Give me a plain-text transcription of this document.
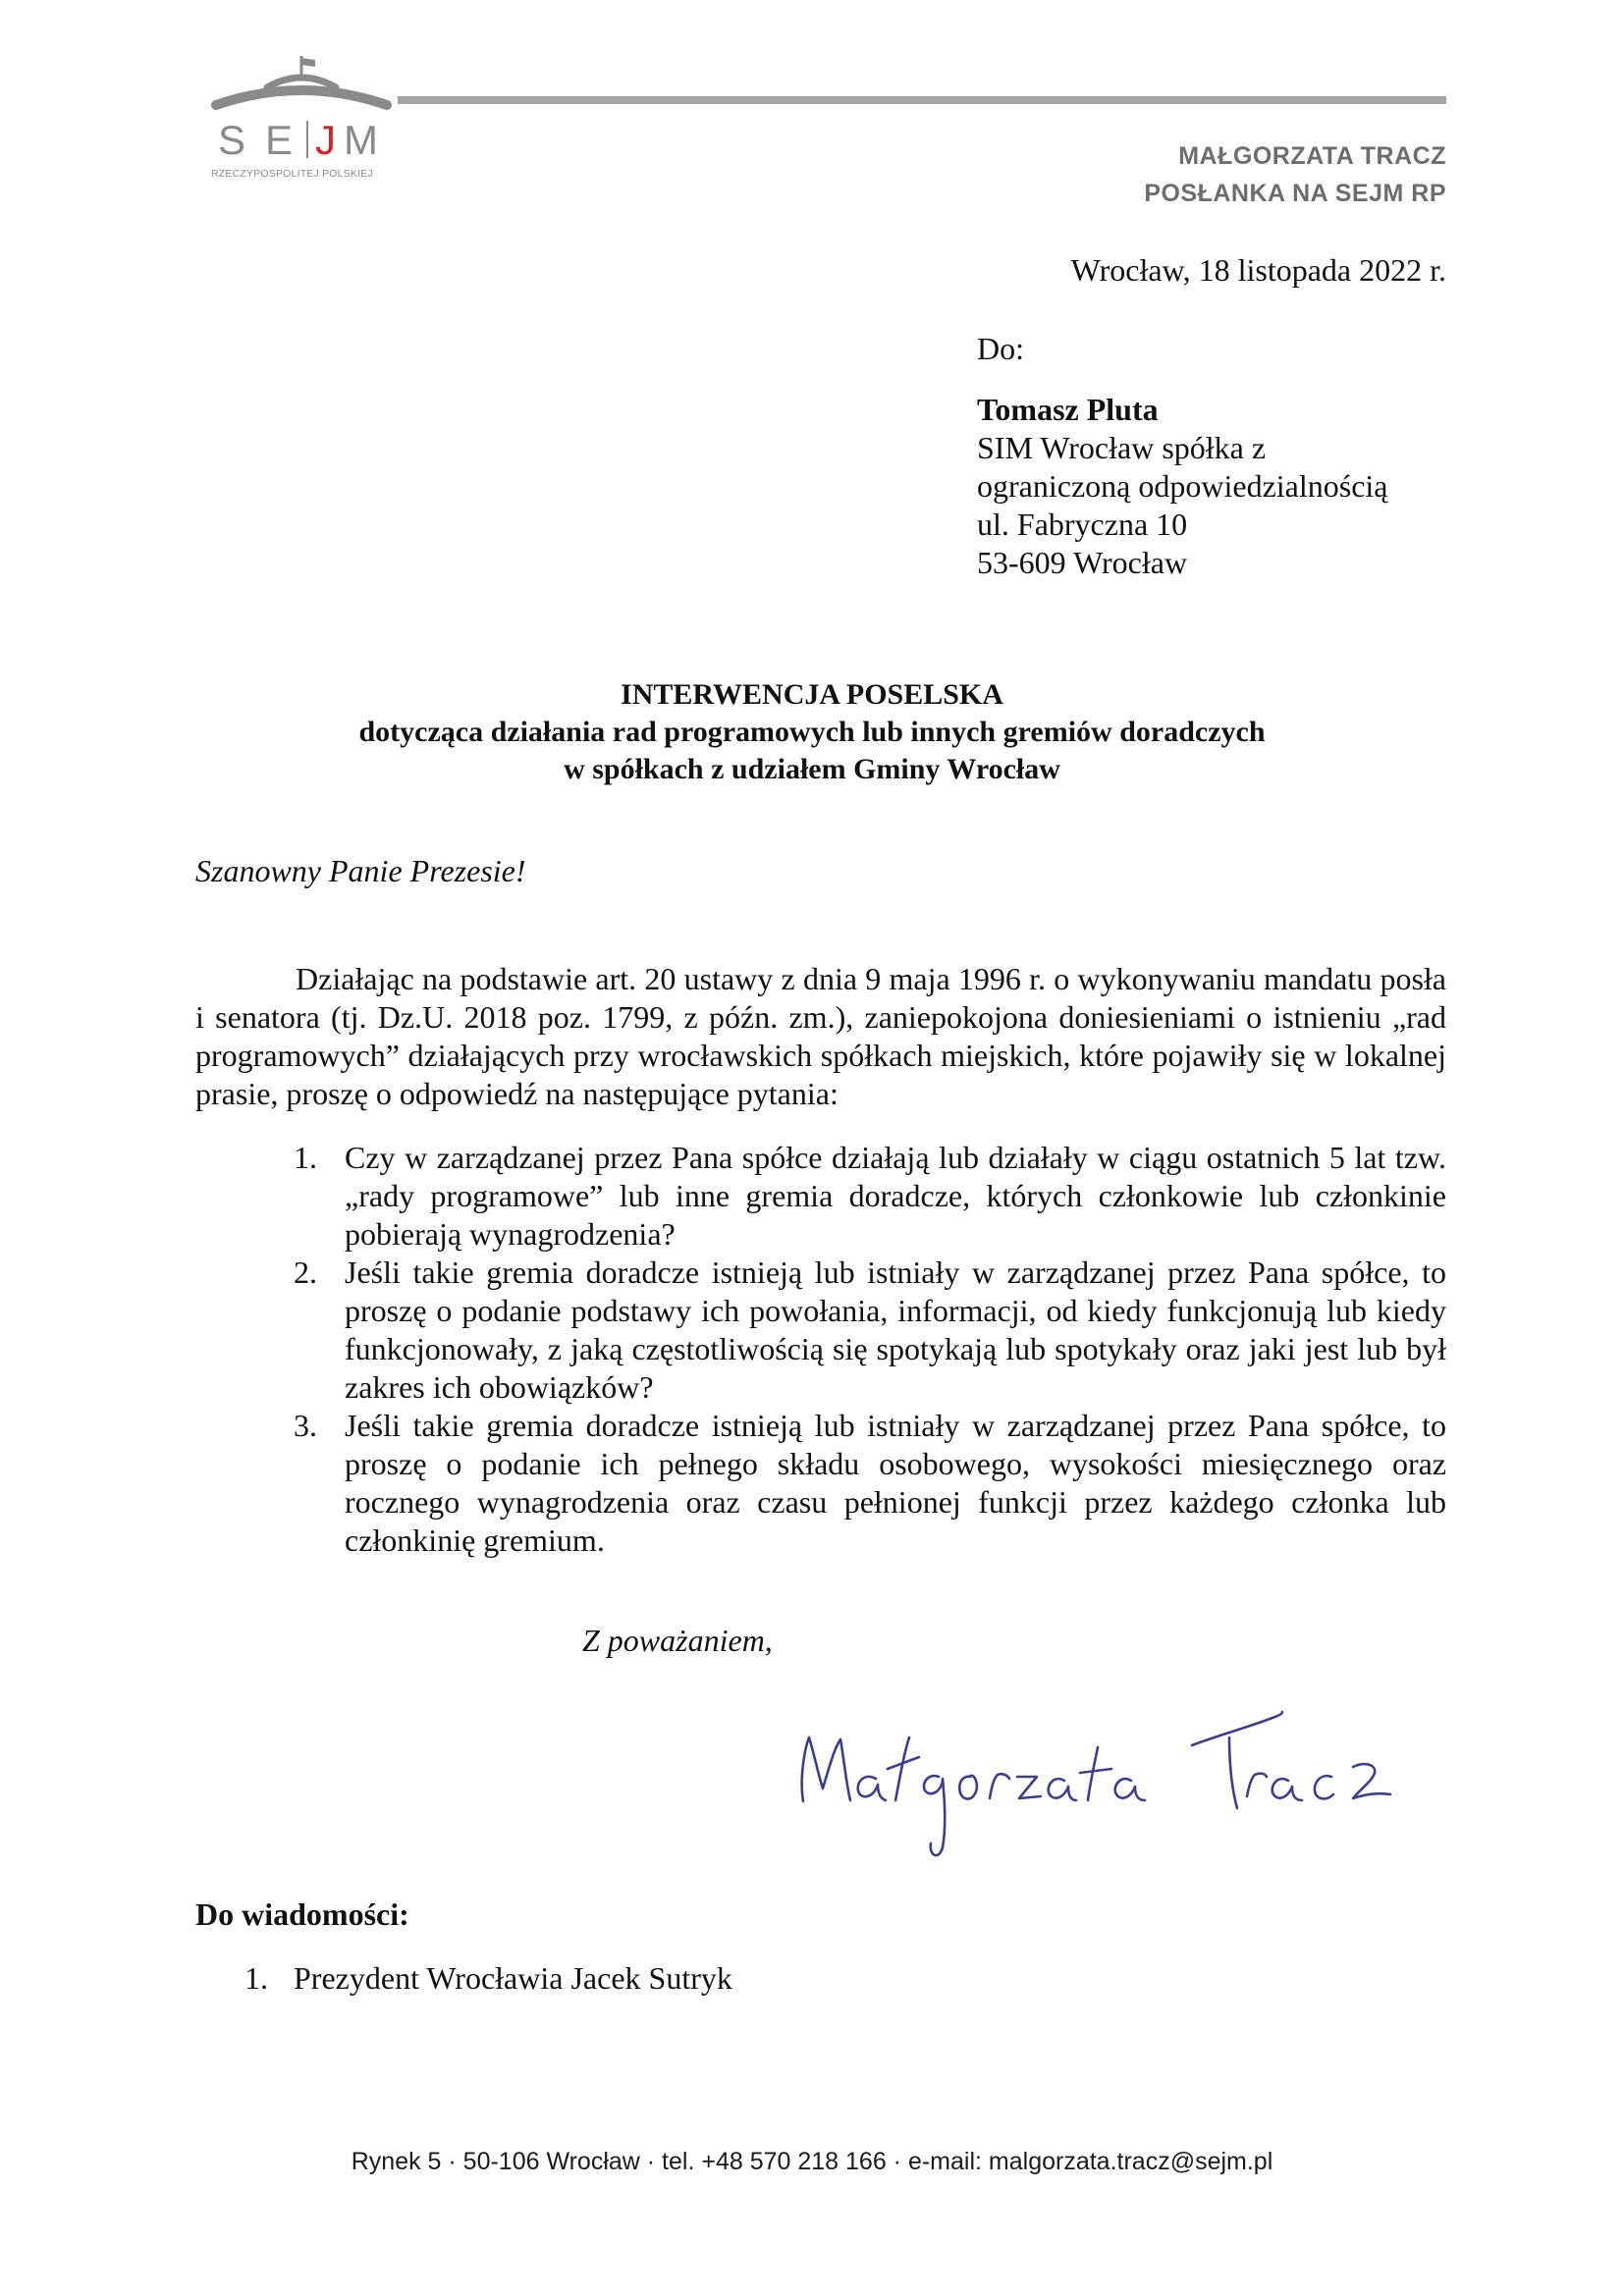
S E J M
RZECZYPOSPOLITEJ POLSKIEJ
MAŁGORZATA TRACZ
POSŁANKA NA SEJM RP
Wrocław, 18 listopada 2022 r.
Do:
Tomasz Pluta
SIM Wrocław spółka z
ograniczoną odpowiedzialnością
ul. Fabryczna 10
53-609 Wrocław
INTERWENCJA POSELSKA
dotycząca działania rad programowych lub innych gremiów doradczych
w spółkach z udziałem Gminy Wrocław
Szanowny Panie Prezesie!
Działając na podstawie art. 20 ustawy z dnia 9 maja 1996 r. o wykonywaniu mandatu posła i senatora (tj. Dz.U. 2018 poz. 1799, z późn. zm.), zaniepokojona doniesieniami o istnieniu „rad programowych” działających przy wrocławskich spółkach miejskich, które pojawiły się w lokalnej prasie, proszę o odpowiedź na następujące pytania:
1. Czy w zarządzanej przez Pana spółce działają lub działały w ciągu ostatnich 5 lat tzw. „rady programowe” lub inne gremia doradcze, których członkowie lub członkinie pobierają wynagrodzenia?
2. Jeśli takie gremia doradcze istnieją lub istniały w zarządzanej przez Pana spółce, to proszę o podanie podstawy ich powołania, informacji, od kiedy funkcjonują lub kiedy funkcjonowały, z jaką częstotliwością się spotykają lub spotykały oraz jaki jest lub był zakres ich obowiązków?
3. Jeśli takie gremia doradcze istnieją lub istniały w zarządzanej przez Pana spółce, to proszę o podanie ich pełnego składu osobowego, wysokości miesięcznego oraz rocznego wynagrodzenia oraz czasu pełnionej funkcji przez każdego członka lub członkinię gremium.
Z poważaniem,
Do wiadomości:
1. Prezydent Wrocławia Jacek Sutryk
Rynek 5 · 50-106 Wrocław · tel. +48 570 218 166 · e-mail: malgorzata.tracz@sejm.pl
